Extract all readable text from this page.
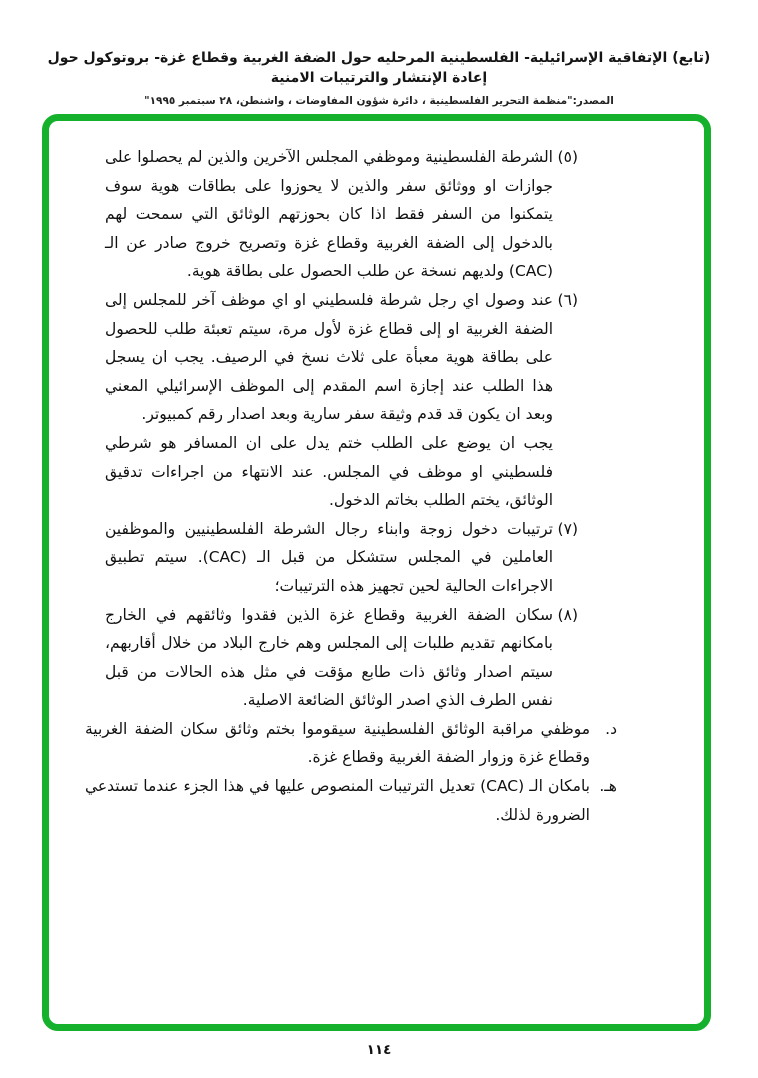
(تابع) الإتفاقية الإسرائيلية- الفلسطينية المرحليه حول الضفة الغربية وقطاع غزة- بروتوكول حول إعادة الإنتشار والترتيبات الامنية
المصدر:"منظمة التحرير الفلسطينية ، دائرة شؤون المفاوضات ، واشنطن، ٢٨ سبتمبر ١٩٩٥"
(٥)

الشرطة الفلسطينية وموظفي المجلس الآخرين والذين لم يحصلوا على جوازات او ووثائق سفر والذين لا يحوزوا على بطاقات هوية سوف يتمكنوا من السفر فقط اذا كان بحوزتهم الوثائق التي سمحت لهم بالدخول إلى الضفة الغربية وقطاع غزة وتصريح خروج صادر عن الـ (CAC) ولديهم نسخة عن طلب الحصول على بطاقة هوية.

(٦)

عند وصول اي رجل شرطة فلسطيني او اي موظف آخر للمجلس إلى الضفة الغربية او إلى قطاع غزة لأول مرة، سيتم تعبئة طلب للحصول على بطاقة هوية معبأة على ثلاث نسخ في الرصيف. يجب ان يسجل هذا الطلب عند إجازة اسم المقدم إلى الموظف الإسرائيلي المعني وبعد ان يكون قد قدم وثيقة سفر سارية وبعد اصدار رقم كمبيوتر.

يجب ان يوضع على الطلب ختم يدل على ان المسافر هو شرطي فلسطيني او موظف في المجلس. عند الانتهاء من اجراءات تدقيق الوثائق، يختم الطلب بخاتم الدخول.

(٧)

ترتيبات دخول زوجة وابناء رجال الشرطة الفلسطينيين والموظفين العاملين في المجلس ستشكل من قبل الـ (CAC). سيتم تطبيق الاجراءات الحالية لحين تجهيز هذه الترتيبات؛

(٨)

سكان الضفة الغربية وقطاع غزة الذين فقدوا وثائقهم في الخارج بامكانهم تقديم طلبات إلى المجلس وهم خارج البلاد من خلال أقاربهم، سيتم اصدار وثائق ذات طابع مؤقت في مثل هذه الحالات من قبل نفس الطرف الذي اصدر الوثائق الضائعة الاصلية.

د.

موظفي مراقبة الوثائق الفلسطينية سيقوموا بختم وثائق سكان الضفة الغربية وقطاع غزة وزوار الضفة الغربية وقطاع غزة.

هـ.

بامكان الـ (CAC) تعديل الترتيبات المنصوص عليها في هذا الجزء عندما تستدعي الضرورة لذلك.

١١٤
